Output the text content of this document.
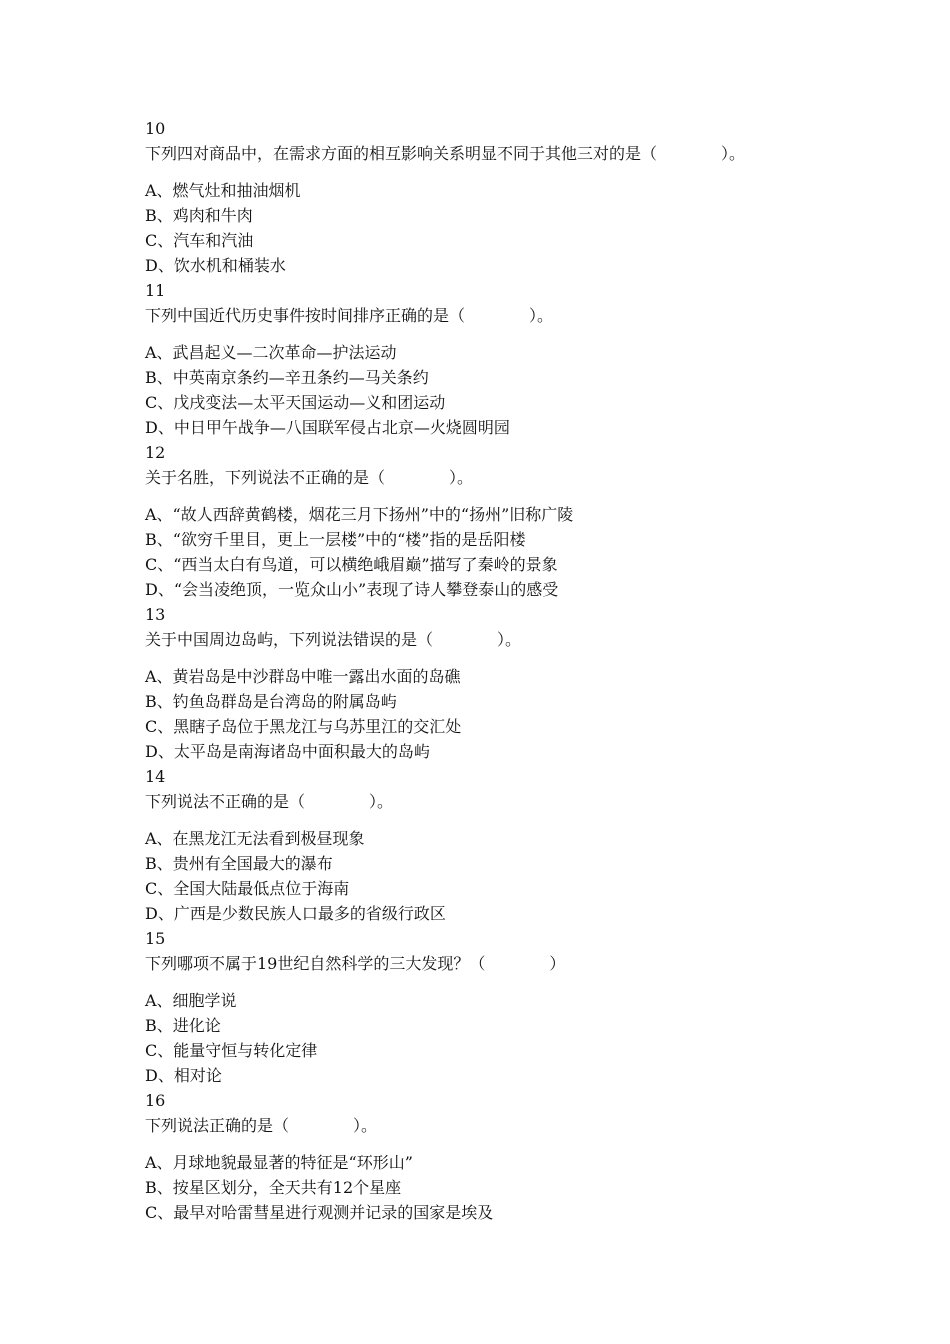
10
下列四对商品中，在需求方面的相互影响关系明显不同于其他三对的是（　　　　）。
A、燃气灶和抽油烟机
B、鸡肉和牛肉
C、汽车和汽油
D、饮水机和桶装水
11
下列中国近代历史事件按时间排序正确的是（　　　　）。
A、武昌起义—二次革命—护法运动
B、中英南京条约—辛丑条约—马关条约
C、戊戌变法—太平天国运动—义和团运动
D、中日甲午战争—八国联军侵占北京—火烧圆明园
12
关于名胜，下列说法不正确的是（　　　　）。
A、“故人西辞黄鹤楼，烟花三月下扬州”中的“扬州”旧称广陵
B、“欲穷千里目，更上一层楼”中的“楼”指的是岳阳楼
C、“西当太白有鸟道，可以横绝峨眉巅”描写了秦岭的景象
D、“会当凌绝顶，一览众山小”表现了诗人攀登泰山的感受
13
关于中国周边岛屿，下列说法错误的是（　　　　）。
A、黄岩岛是中沙群岛中唯一露出水面的岛礁
B、钓鱼岛群岛是台湾岛的附属岛屿
C、黑瞎子岛位于黑龙江与乌苏里江的交汇处
D、太平岛是南海诸岛中面积最大的岛屿
14
下列说法不正确的是（　　　　）。
A、在黑龙江无法看到极昼现象
B、贵州有全国最大的瀑布
C、全国大陆最低点位于海南
D、广西是少数民族人口最多的省级行政区
15
下列哪项不属于19世纪自然科学的三大发现？（　　　　）
A、细胞学说
B、进化论
C、能量守恒与转化定律
D、相对论
16
下列说法正确的是（　　　　）。
A、月球地貌最显著的特征是“环形山”
B、按星区划分，全天共有12个星座
C、最早对哈雷彗星进行观测并记录的国家是埃及
